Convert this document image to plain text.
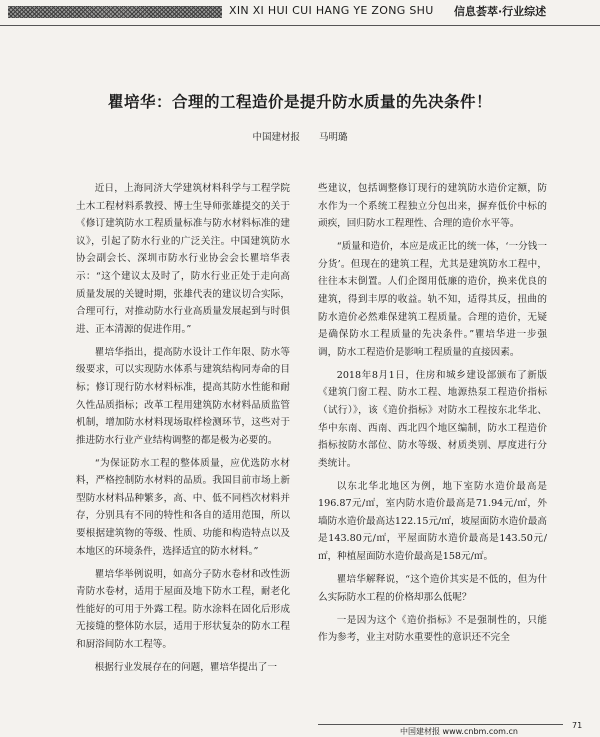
XIN XI HUI CUI HANG YE ZONG SHU 信息荟萃·行业综述
瞿培华：合理的工程造价是提升防水质量的先决条件！
中国建材报 马明璐

近日，上海同济大学建筑材料科学与工程学院土木工程材料系教授、博士生导师张雄提交的关于《修订建筑防水工程质量标准与防水材料标准的建议》，引起了防水行业的广泛关注。中国建筑防水协会副会长、深圳市防水行业协会会长瞿培华表示：“这个建议太及时了，防水行业正处于走向高质量发展的关键时期，张雄代表的建议切合实际，合理可行，对推动防水行业高质量发展起到与时俱进、正本清源的促进作用。”

瞿培华指出，提高防水设计工作年限、防水等级要求，可以实现防水体系与建筑结构同寿命的目标；修订现行防水材料标准，提高其防水性能和耐久性品质指标；改革工程用建筑防水材料品质监管机制，增加防水材料现场取样检测环节，这些对于推进防水行业产业结构调整的都是极为必要的。

“为保证防水工程的整体质量，应优选防水材料，严格控制防水材料的品质。我国目前市场上新型防水材料品种繁多，高、中、低不同档次材料并存，分别具有不同的特性和各自的适用范围，所以要根据建筑物的等级、性质、功能和构造特点以及本地区的环境条件，选择适宜的防水材料。”

瞿培华举例说明，如高分子防水卷材和改性沥青防水卷材，适用于屋面及地下防水工程，耐老化性能好的可用于外露工程。防水涂料在固化后形成无接缝的整体防水层，适用于形状复杂的防水工程和厨浴间防水工程等。

根据行业发展存在的问题，瞿培华提出了一

些建议，包括调整修订现行的建筑防水造价定额，防水作为一个系统工程独立分包出来，摒弃低价中标的顽疾，回归防水工程理性、合理的造价水平等。

“质量和造价，本应是成正比的统一体，‘一分钱一分货’。但现在的建筑工程，尤其是建筑防水工程中，往往本末倒置。人们企图用低廉的造价，换来优良的建筑，得到丰厚的收益。轨不知，适得其反，扭曲的防水造价必然难保建筑工程质量。合理的造价，无疑是确保防水工程质量的先决条件。”瞿培华进一步强调，防水工程造价是影响工程质量的直接因素。

2018年8月1日，住房和城乡建设部颁布了新版《建筑门窗工程、防水工程、地源热泵工程造价指标（试行）》，该《造价指标》对防水工程按东北华北、华中东南、西南、西北四个地区编制，防水工程造价指标按防水部位、防水等级、材质类别、厚度进行分类统计。

以东北华北地区为例，地下室防水造价最高是196.87元/㎡，室内防水造价最高是71.94元/㎡，外墙防水造价最高达122.15元/㎡，坡屋面防水造价最高是143.80元/㎡，平屋面防水造价最高是143.50元/㎡，种植屋面防水造价最高是158元/㎡。

瞿培华解释说，“这个造价其实是不低的，但为什么实际防水工程的价格却那么低呢？

一是因为这个《造价指标》不是强制性的，只能作为参考，业主对防水重要性的意识还不完全

中国建材报 www.cnbm.com.cn
71
